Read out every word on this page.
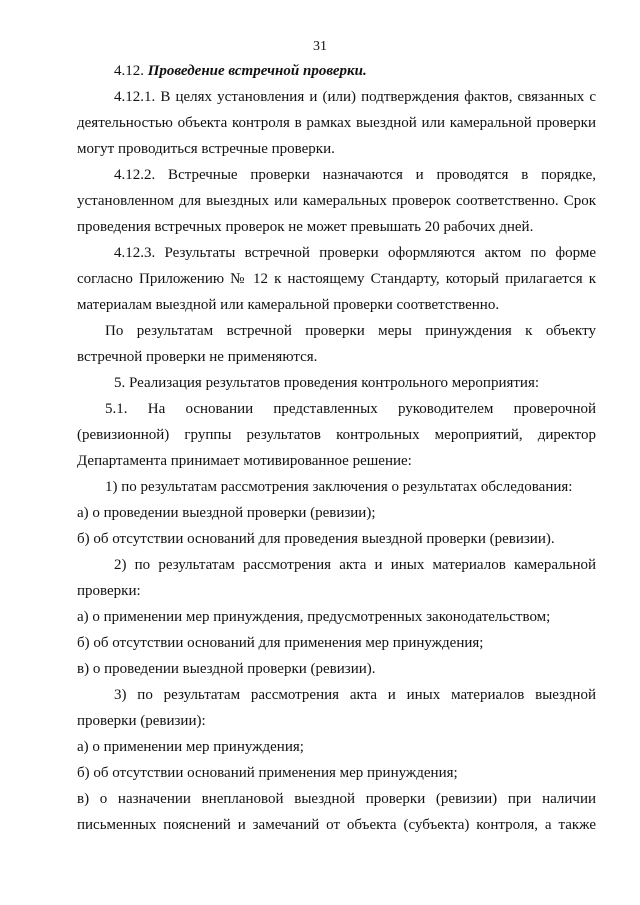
31
4.12. Проведение встречной проверки.
4.12.1. В целях установления и (или) подтверждения фактов, связанных с
деятельностью объекта контроля в рамках выездной или камеральной проверки
могут проводиться встречные проверки.
4.12.2. Встречные проверки назначаются и проводятся в порядке,
установленном для выездных или камеральных проверок соответственно. Срок
проведения встречных проверок не может превышать 20 рабочих дней.
4.12.3. Результаты встречной проверки оформляются актом по форме
согласно Приложению № 12 к настоящему Стандарту, который прилагается к
материалам выездной или камеральной проверки соответственно.
По результатам встречной проверки меры принуждения к объекту
встречной проверки не применяются.
5. Реализация результатов проведения контрольного мероприятия:
5.1. На основании представленных руководителем проверочной
(ревизионной) группы результатов контрольных мероприятий, директор
Департамента принимает мотивированное решение:
1) по результатам рассмотрения заключения о результатах обследования:
а) о проведении выездной проверки (ревизии);
б) об отсутствии оснований для проведения выездной проверки (ревизии).
2) по результатам рассмотрения акта и иных материалов камеральной
проверки:
а) о применении мер принуждения, предусмотренных законодательством;
б) об отсутствии оснований для применения мер принуждения;
в) о проведении выездной проверки (ревизии).
3) по результатам рассмотрения акта и иных материалов выездной
проверки (ревизии):
а) о применении мер принуждения;
б) об отсутствии оснований применения мер принуждения;
в) о назначении внеплановой выездной проверки (ревизии) при наличии
письменных пояснений и замечаний от объекта (субъекта) контроля, а также
